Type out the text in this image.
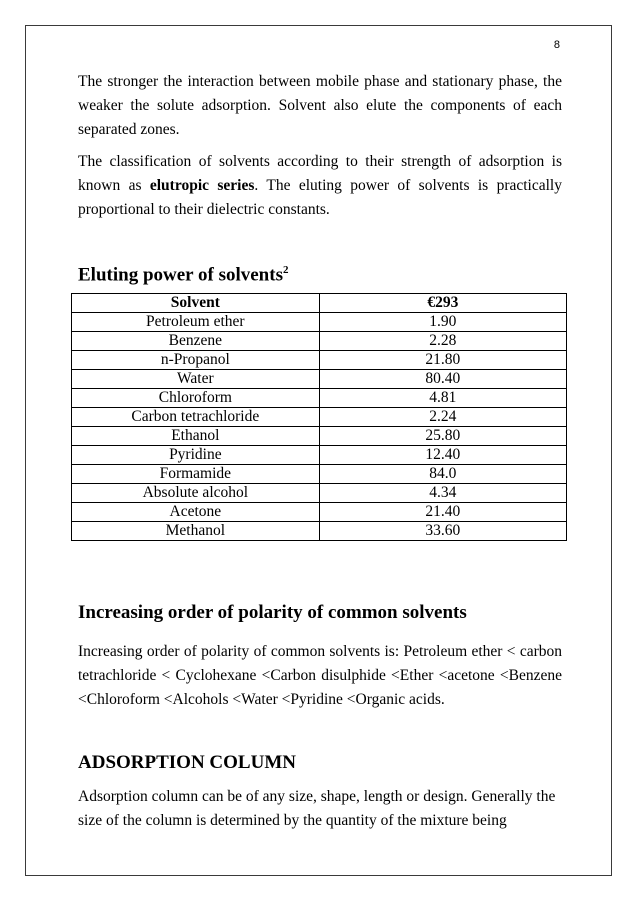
8

The stronger the interaction between mobile phase and stationary phase, the weaker the solute adsorption. Solvent also elute the components of each separated zones.

The classification of solvents according to their strength of adsorption is known as elutropic series. The eluting power of solvents is practically proportional to their dielectric constants.

Eluting power of solvents$^2$
Solvent	€293
Petroleum ether	1.90
Benzene	2.28
n-Propanol	21.80
Water	80.40
Chloroform	4.81
Carbon tetrachloride	2.24
Ethanol	25.80
Pyridine	12.40
Formamide	84.0
Absolute alcohol	4.34
Acetone	21.40
Methanol	33.60
Increasing order of polarity of common solvents

Increasing order of polarity of common solvents is: Petroleum ether < carbon tetrachloride < Cyclohexane <Carbon disulphide <Ether <acetone <Benzene <Chloroform <Alcohols <Water <Pyridine <Organic acids.

ADSORPTION COLUMN

Adsorption column can be of any size, shape, length or design. Generally the size of the column is determined by the quantity of the mixture being
